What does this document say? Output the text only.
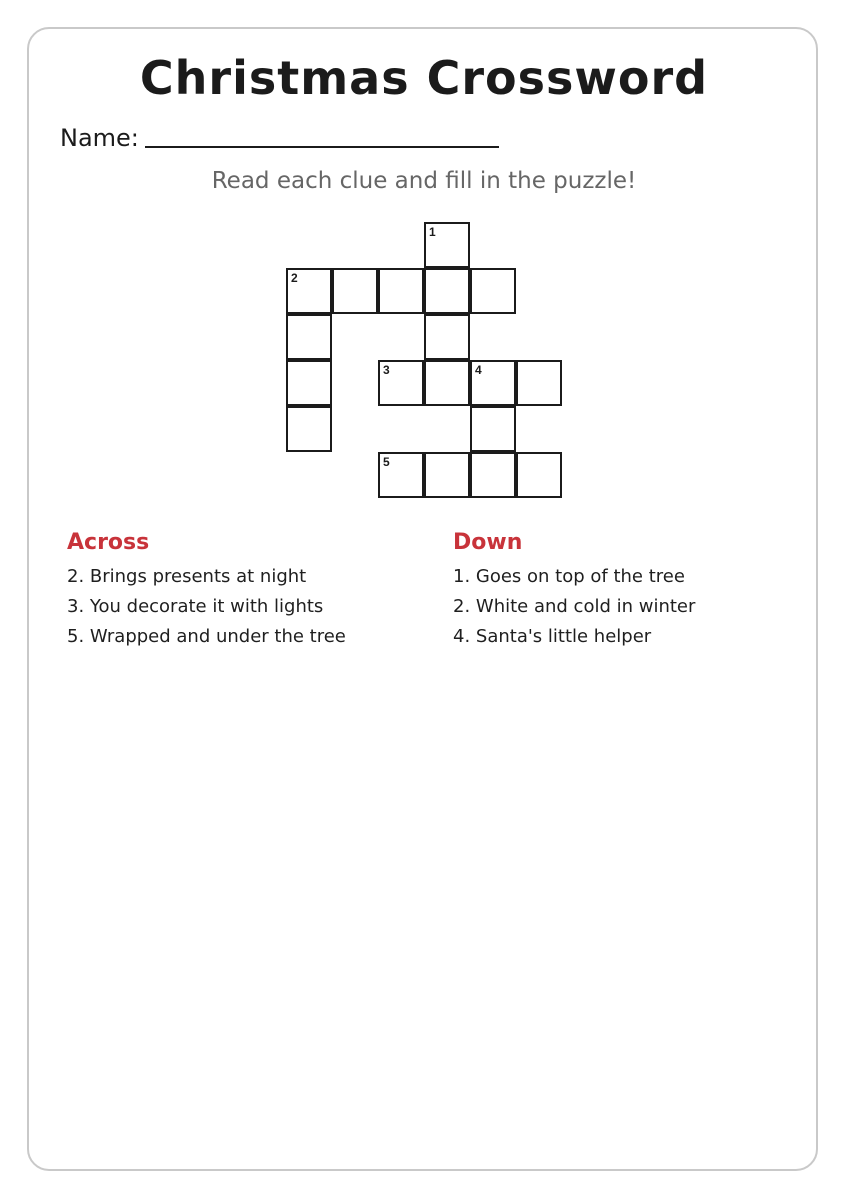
Christmas Crossword
Name:
Read each clue and fill in the puzzle!
1
2
3	4
5
Across
2. Brings presents at night
3. You decorate it with lights
5. Wrapped and under the tree
Down
1. Goes on top of the tree
2. White and cold in winter
4. Santa's little helper
